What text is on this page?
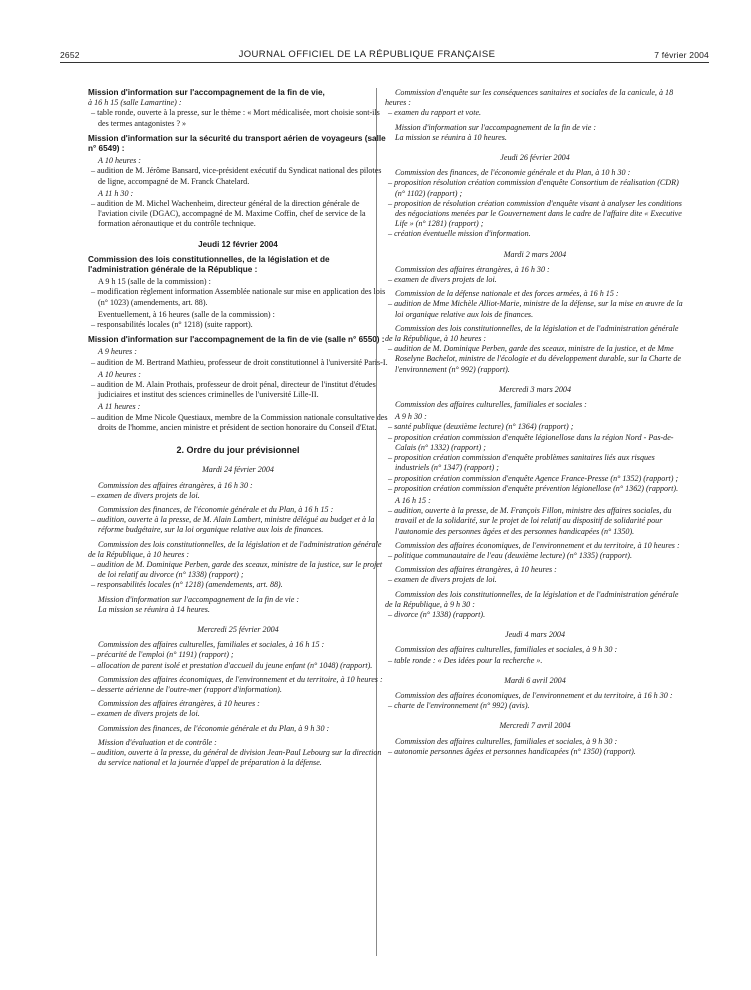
2652	JOURNAL OFFICIEL DE LA RÉPUBLIQUE FRANÇAISE	7 février 2004

Mission d'information sur l'accompagnement de la fin de vie,

à 16 h 15 (salle Lamartine) :

– table ronde, ouverte à la presse, sur le thème : « Mort médicalisée, mort choisie sont-ils des termes antagonistes ? »

Mission d'information sur la sécurité du transport aérien de voyageurs (salle n° 6549) :

A 10 heures :

– audition de M. Jérôme Bansard, vice-président exécutif du Syndicat national des pilotes de ligne, accompagné de M. Franck Chatelard.

A 11 h 30 :

– audition de M. Michel Wachenheim, directeur général de la direction générale de l'aviation civile (DGAC), accompagné de M. Maxime Coffin, chef de service de la formation aéronautique et du contrôle technique.

Jeudi 12 février 2004

Commission des lois constitutionnelles, de la législation et de l'administration générale de la République :

A 9 h 15 (salle de la commission) :

– modification règlement information Assemblée nationale sur mise en application des lois (n° 1023) (amendements, art. 88).

Eventuellement, à 16 heures (salle de la commission) :

– responsabilités locales (n° 1218) (suite rapport).

Mission d'information sur l'accompagnement de la fin de vie (salle n° 6550) :

A 9 heures :

– audition de M. Bertrand Mathieu, professeur de droit constitutionnel à l'université Paris-I.

A 10 heures :

– audition de M. Alain Prothais, professeur de droit pénal, directeur de l'institut d'études judiciaires et institut des sciences criminelles de l'université Lille-II.

A 11 heures :

– audition de Mme Nicole Questiaux, membre de la Commission nationale consultative des droits de l'homme, ancien ministre et président de section honoraire du Conseil d'Etat.

2. Ordre du jour prévisionnel

Mardi 24 février 2004

Commission des affaires étrangères, à 16 h 30 :

– examen de divers projets de loi.

Commission des finances, de l'économie générale et du Plan, à 16 h 15 :

– audition, ouverte à la presse, de M. Alain Lambert, ministre délégué au budget et à la réforme budgétaire, sur la loi organique relative aux lois de finances.

Commission des lois constitutionnelles, de la législation et de l'administration générale de la République, à 10 heures :

– audition de M. Dominique Perben, garde des sceaux, ministre de la justice, sur le projet de loi relatif au divorce (n° 1338) (rapport) ;

– responsabilités locales (n° 1218) (amendements, art. 88).

Mission d'information sur l'accompagnement de la fin de vie :

La mission se réunira à 14 heures.

Mercredi 25 février 2004

Commission des affaires culturelles, familiales et sociales, à 16 h 15 :

– précarité de l'emploi (n° 1191) (rapport) ;

– allocation de parent isolé et prestation d'accueil du jeune enfant (n° 1048) (rapport).

Commission des affaires économiques, de l'environnement et du territoire, à 10 heures :

– desserte aérienne de l'outre-mer (rapport d'information).

Commission des affaires étrangères, à 10 heures :

– examen de divers projets de loi.

Commission des finances, de l'économie générale et du Plan, à 9 h 30 :

Mission d'évaluation et de contrôle :

– audition, ouverte à la presse, du général de division Jean-Paul Lebourg sur la direction du service national et la journée d'appel de préparation à la défense.

Commission d'enquête sur les conséquences sanitaires et sociales de la canicule, à 18 heures :

– examen du rapport et vote.

Mission d'information sur l'accompagnement de la fin de vie :

La mission se réunira à 10 heures.

Jeudi 26 février 2004

Commission des finances, de l'économie générale et du Plan, à 10 h 30 :

– proposition résolution création commission d'enquête Consortium de réalisation (CDR) (n° 1102) (rapport) ;

– proposition de résolution création commission d'enquête visant à analyser les conditions des négociations menées par le Gouvernement dans le cadre de l'affaire dite « Executive Life » (n° 1281) (rapport) ;

– création éventuelle mission d'information.

Mardi 2 mars 2004

Commission des affaires étrangères, à 16 h 30 :

– examen de divers projets de loi.

Commission de la défense nationale et des forces armées, à 16 h 15 :

– audition de Mme Michèle Alliot-Marie, ministre de la défense, sur la mise en œuvre de la loi organique relative aux lois de finances.

Commission des lois constitutionnelles, de la législation et de l'administration générale de la République, à 10 heures :

– audition de M. Dominique Perben, garde des sceaux, ministre de la justice, et de Mme Roselyne Bachelot, ministre de l'écologie et du développement durable, sur la Charte de l'environnement (n° 992) (rapport).

Mercredi 3 mars 2004

Commission des affaires culturelles, familiales et sociales :

A 9 h 30 :

– santé publique (deuxième lecture) (n° 1364) (rapport) ;

– proposition création commission d'enquête légionellose dans la région Nord - Pas-de-Calais (n° 1332) (rapport) ;

– proposition création commission d'enquête problèmes sanitaires liés aux risques industriels (n° 1347) (rapport) ;

– proposition création commission d'enquête Agence France-Presse (n° 1352) (rapport) ;

– proposition création commission d'enquête prévention légionellose (n° 1362) (rapport).

A 16 h 15 :

– audition, ouverte à la presse, de M. François Fillon, ministre des affaires sociales, du travail et de la solidarité, sur le projet de loi relatif au dispositif de solidarité pour l'autonomie des personnes âgées et des personnes handicapées (n° 1350).

Commission des affaires économiques, de l'environnement et du territoire, à 10 heures :

– politique communautaire de l'eau (deuxième lecture) (n° 1335) (rapport).

Commission des affaires étrangères, à 10 heures :

– examen de divers projets de loi.

Commission des lois constitutionnelles, de la législation et de l'administration générale de la République, à 9 h 30 :

– divorce (n° 1338) (rapport).

Jeudi 4 mars 2004

Commission des affaires culturelles, familiales et sociales, à 9 h 30 :

– table ronde : « Des idées pour la recherche ».

Mardi 6 avril 2004

Commission des affaires économiques, de l'environnement et du territoire, à 16 h 30 :

– charte de l'environnement (n° 992) (avis).

Mercredi 7 avril 2004

Commission des affaires culturelles, familiales et sociales, à 9 h 30 :

– autonomie personnes âgées et personnes handicapées (n° 1350) (rapport).
